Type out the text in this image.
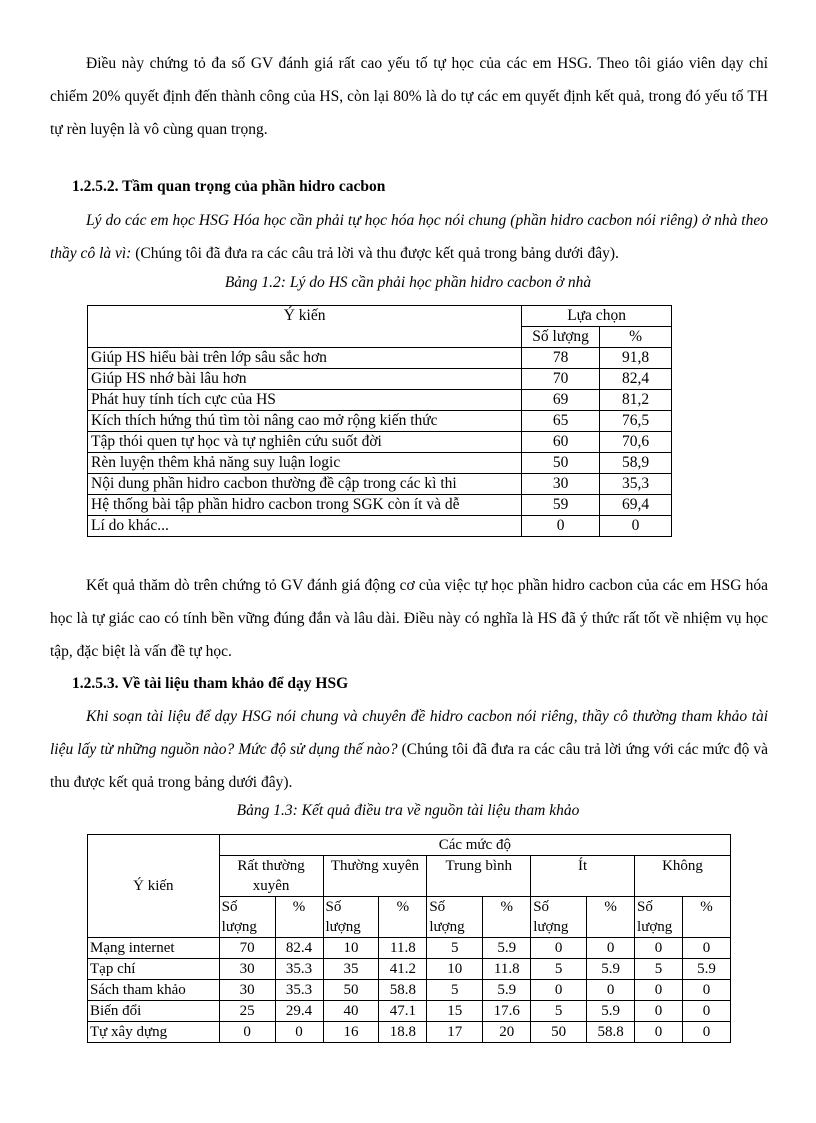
Điều này chứng tỏ đa số GV đánh giá rất cao yếu tố tự học của các em HSG. Theo tôi giáo viên dạy chỉ chiếm 20% quyết định đến thành công của HS, còn lại 80% là do tự các em quyết định kết quả, trong đó yếu tố TH tự rèn luyện là vô cùng quan trọng.

1.2.5.2. Tầm quan trọng của phần hidro cacbon

Lý do các em học HSG Hóa học cần phải tự học hóa học nói chung (phần hidro cacbon nói riêng) ở nhà theo thầy cô là vì: (Chúng tôi đã đưa ra các câu trả lời và thu được kết quả trong bảng dưới đây).

Bảng 1.2: Lý do HS cần phải học phần hidro cacbon ở nhà

Ý kiến	Lựa chọn	
	Số lượng	%
Giúp HS hiểu bài trên lớp sâu sắc hơn	78	91,8
Giúp HS nhớ bài lâu hơn	70	82,4
Phát huy tính tích cực của HS	69	81,2
Kích thích hứng thú tìm tòi nâng cao mở rộng kiến thức	65	76,5
Tập thói quen tự học và tự nghiên cứu suốt đời	60	70,6
Rèn luyện thêm khả năng suy luận logic	50	58,9
Nội dung phần hidro cacbon thường đề cập trong các kì thi	30	35,3
Hệ thống bài tập phần hidro cacbon trong SGK còn ít và dễ	59	69,4
Lí do khác...	0	0

Kết quả thăm dò trên chứng tỏ GV đánh giá động cơ của việc tự học phần hidro cacbon của các em HSG hóa học là tự giác cao có tính bền vững đúng đắn và lâu dài. Điều này có nghĩa là HS đã ý thức rất tốt về nhiệm vụ học tập, đặc biệt là vấn đề tự học.

1.2.5.3. Về tài liệu tham khảo để dạy HSG

Khi soạn tài liệu để dạy HSG nói chung và chuyên đề hidro cacbon nói riêng, thầy cô thường tham khảo tài liệu lấy từ những nguồn nào? Mức độ sử dụng thế nào? (Chúng tôi đã đưa ra các câu trả lời ứng với các mức độ và thu được kết quả trong bảng dưới đây).

Bảng 1.3: Kết quả điều tra về nguồn tài liệu tham khảo

Ý kiến	Các mức độ									
	Rất thường xuyên		Thường xuyên		Trung bình		Ít		Không	
	Số lượng	%	Số lượng	%	Số lượng	%	Số lượng	%	Số lượng	%
Mạng internet	70	82.4	10	11.8	5	5.9	0	0	0	0
Tạp chí	30	35.3	35	41.2	10	11.8	5	5.9	5	5.9
Sách tham khảo	30	35.3	50	58.8	5	5.9	0	0	0	0
Biến đổi	25	29.4	40	47.1	15	17.6	5	5.9	0	0
Tự xây dựng	0	0	16	18.8	17	20	50	58.8	0	0
